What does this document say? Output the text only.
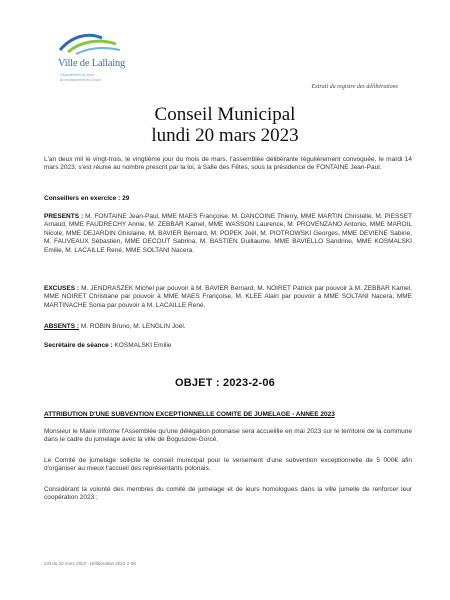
Ville de Lallaing
Département du Nord
Arrondissement de Douai
Extrait du registre des délibérations
Conseil Municipal
lundi 20 mars 2023
L'an deux mil le vingt-trois, le vingtième jour du mois de mars, l'assemblée délibérante régulièrement convoquée, le mardi 14 mars 2023, s'est réunie au nombre prescrit par la loi, à Salle des Fêtes, sous la présidence de FONTAINE Jean-Paul.
Conseillers en exercice : 29
PRESENTS : M. FONTAINE Jean-Paul, MME MAES Françoise, M. DANCOINE Thierry, MME MARTIN Christelle, M. PIESSET Arnaud, MME FAUDRECHY Annie, M. ZEBBAR Kamel, MME WASSON Laurence, M. PROVENZANO Antonio, MME MAROIL Nicole, MME DEJARDIN Ghislaine, M. BAVIER Bernard, M. POPEK Joël, M. PIOTROWSKI Georges, MME DEVIENE Sabine, M. FAUVEAUX Sébastien, MME DECOUT Sabrina, M. BASTIEN Guillaume, MME BAVIELLO Sandrine, MME KOSMALSKI Emilie, M. LACAILLE René, MME SOLTANI Nacera.
EXCUSES : M. JENDRASZEK Michel par pouvoir à M. BAVIER Bernard, M. NOIRET Patrick par pouvoir à M. ZEBBAR Kamel, MME NOIRET Christiane par pouvoir à MME MAES Françoise, M. KLEE Alain par pouvoir à MME SOLTANI Nacera, MME MARTINACHE Sonia par pouvoir à M. LACAILLE René.
ABSENTS : M. ROBIN Bruno, M. LENGLIN Joël.
Secrétaire de séance : KOSMALSKI Emilie
OBJET : 2023-2-06
ATTRIBUTION D'UNE SUBVENTION EXCEPTIONNELLE COMITE DE JUMELAGE - ANNEE 2023
Monsieur le Maire informe l'Assemblée qu'une délégation polonaise sera accueillie en mai 2023 sur le territoire de la commune dans le cadre du jumelage avec la ville de Boguszow-Gorcé.
Le Comité de jumelage sollicite le conseil municipal pour le versement d'une subvention exceptionnelle de 5 000€ afin d'organiser au mieux l'accueil des représentants polonais.
Considérant la volonté des membres du comité de jumelage et de leurs homologues dans la ville jumelle de renforcer leur coopération 2023 ;
CM du 20 mars 2023 - Délibération 2023-2-06
